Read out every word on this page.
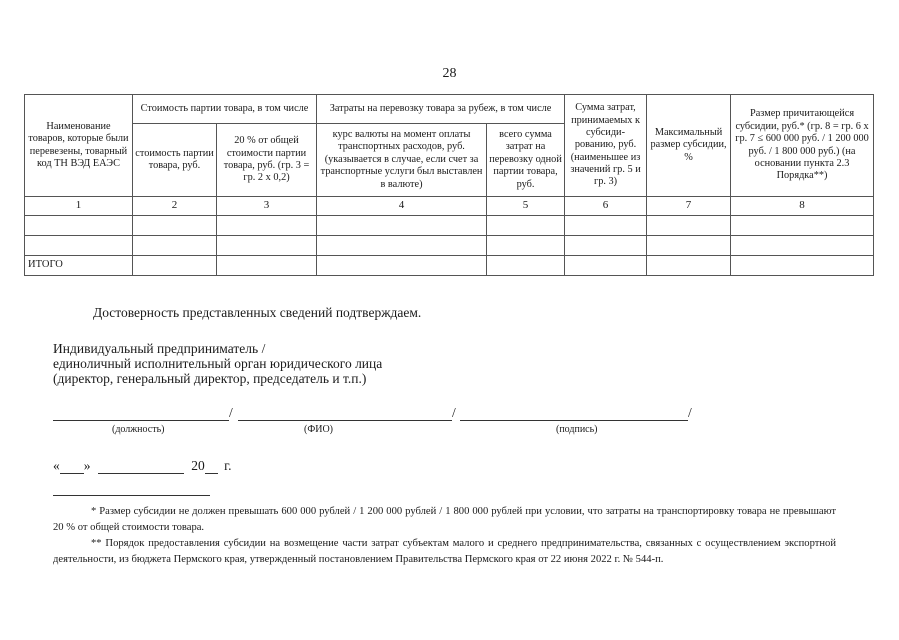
28
Наименование товаров, которые были перевезены, товарный код ТН ВЭД ЕАЭС	Стоимость партии товара, в том числе		Затраты на перевозку товара за рубеж, в том числе		Сумма затрат, принимаемых к субсиди-рованию, руб. (наименьшее из значений гр. 5 и гр. 3)	Максимальный размер субсидии, %	Размер причитающейся субсидии, руб.* (гр. 8 = гр. 6 х гр. 7 ≤ 600 000 руб. / 1 200 000 руб. / 1 800 000 руб.) (на основании пункта 2.3 Порядка**)
	стоимость партии товара, руб.	20 % от общей стоимости партии товара, руб. (гр. 3 = гр. 2 х 0,2)	курс валюты на момент оплаты транспортных расходов, руб. (указывается в случае, если счет за транспортные услуги был выставлен в валюте)	всего сумма затрат на перевозку одной партии товара, руб.			
1	2	3	4	5	6	7	8

ИТОГО							
Достоверность представленных сведений подтверждаем.
Индивидуальный предприниматель /
единоличный исполнительный орган юридического лица
(директор, генеральный директор, председатель и т.п.)
/	/	/
(должность)	(ФИО)	(подпись)
« »	20 г.
* Размер субсидии не должен превышать 600 000 рублей / 1 200 000 рублей / 1 800 000 рублей при условии, что затраты на транспортировку товара не превышают 20 % от общей стоимости товара.
** Порядок предоставления субсидии на возмещение части затрат субъектам малого и среднего предпринимательства, связанных с осуществлением экспортной деятельности, из бюджета Пермского края, утвержденный постановлением Правительства Пермского края от 22 июня 2022 г. № 544-п.
